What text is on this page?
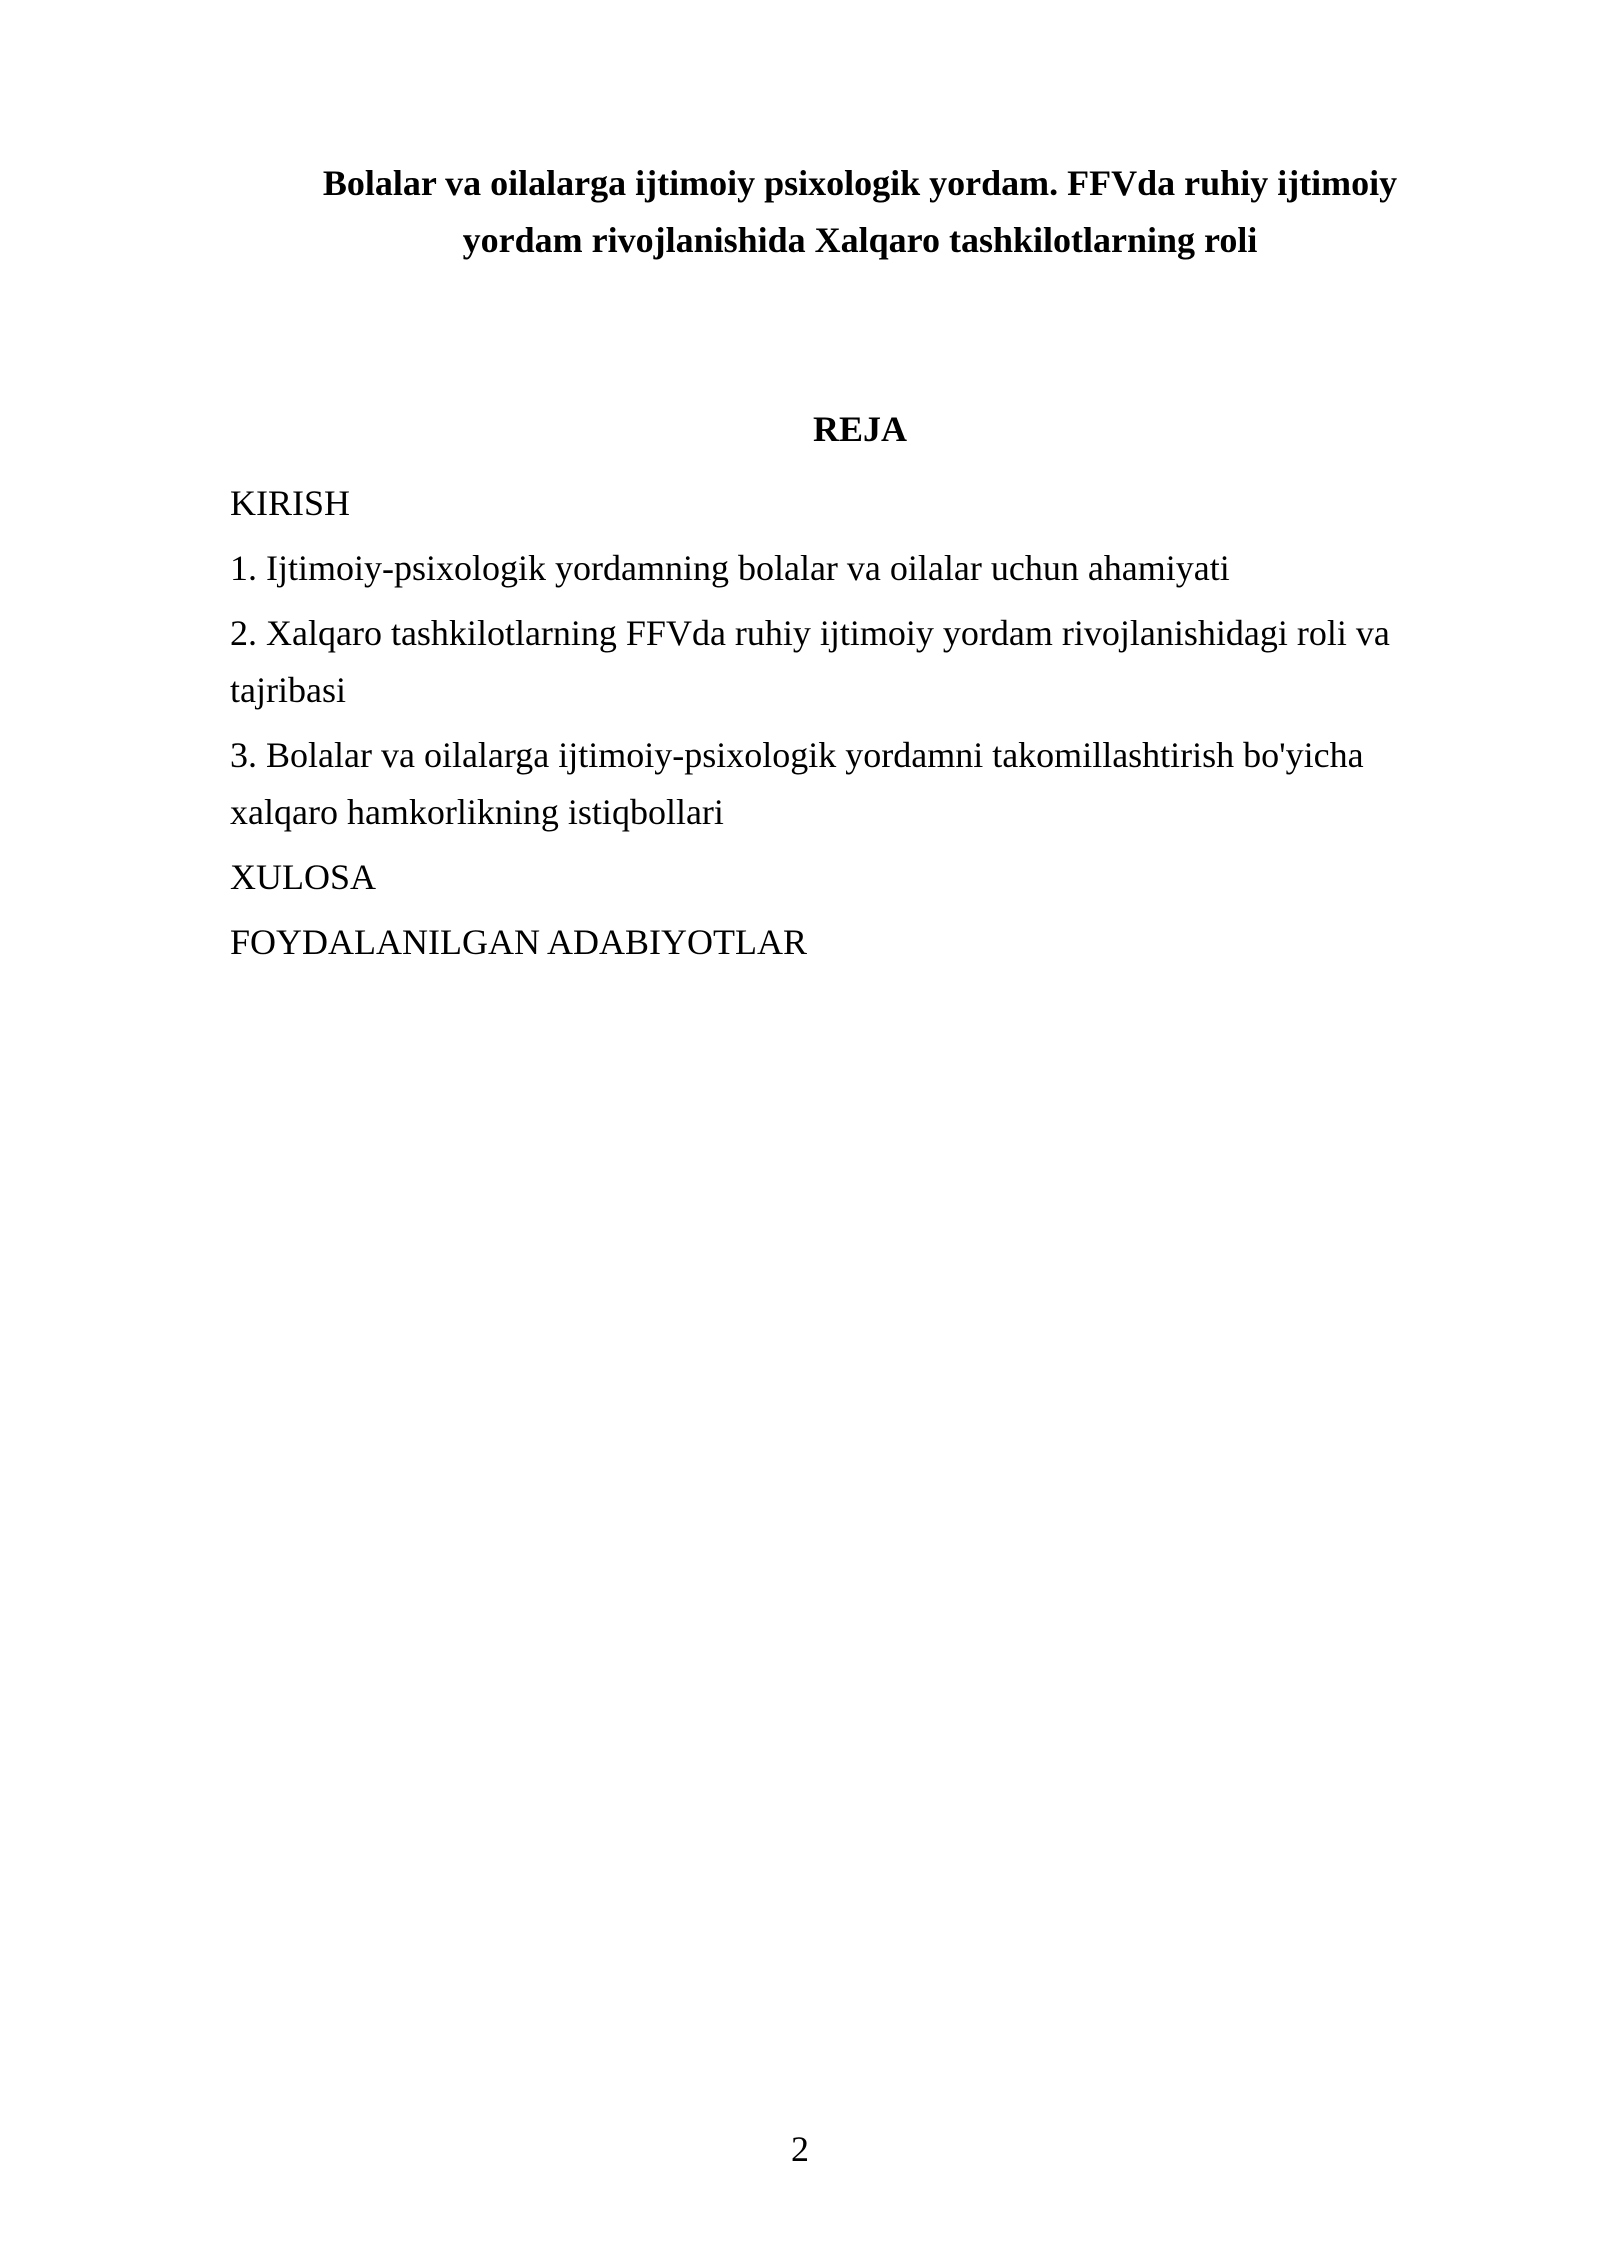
Bolalar va oilalarga ijtimoiy psixologik yordam. FFVda ruhiy ijtimoiy
yordam rivojlanishida Xalqaro tashkilotlarning roli
REJA
KIRISH
1. Ijtimoiy-psixologik yordamning bolalar va oilalar uchun ahamiyati
2. Xalqaro tashkilotlarning FFVda ruhiy ijtimoiy yordam rivojlanishidagi roli va
tajribasi
3. Bolalar va oilalarga ijtimoiy-psixologik yordamni takomillashtirish bo'yicha
xalqaro hamkorlikning istiqbollari
XULOSA
FOYDALANILGAN ADABIYOTLAR
2
